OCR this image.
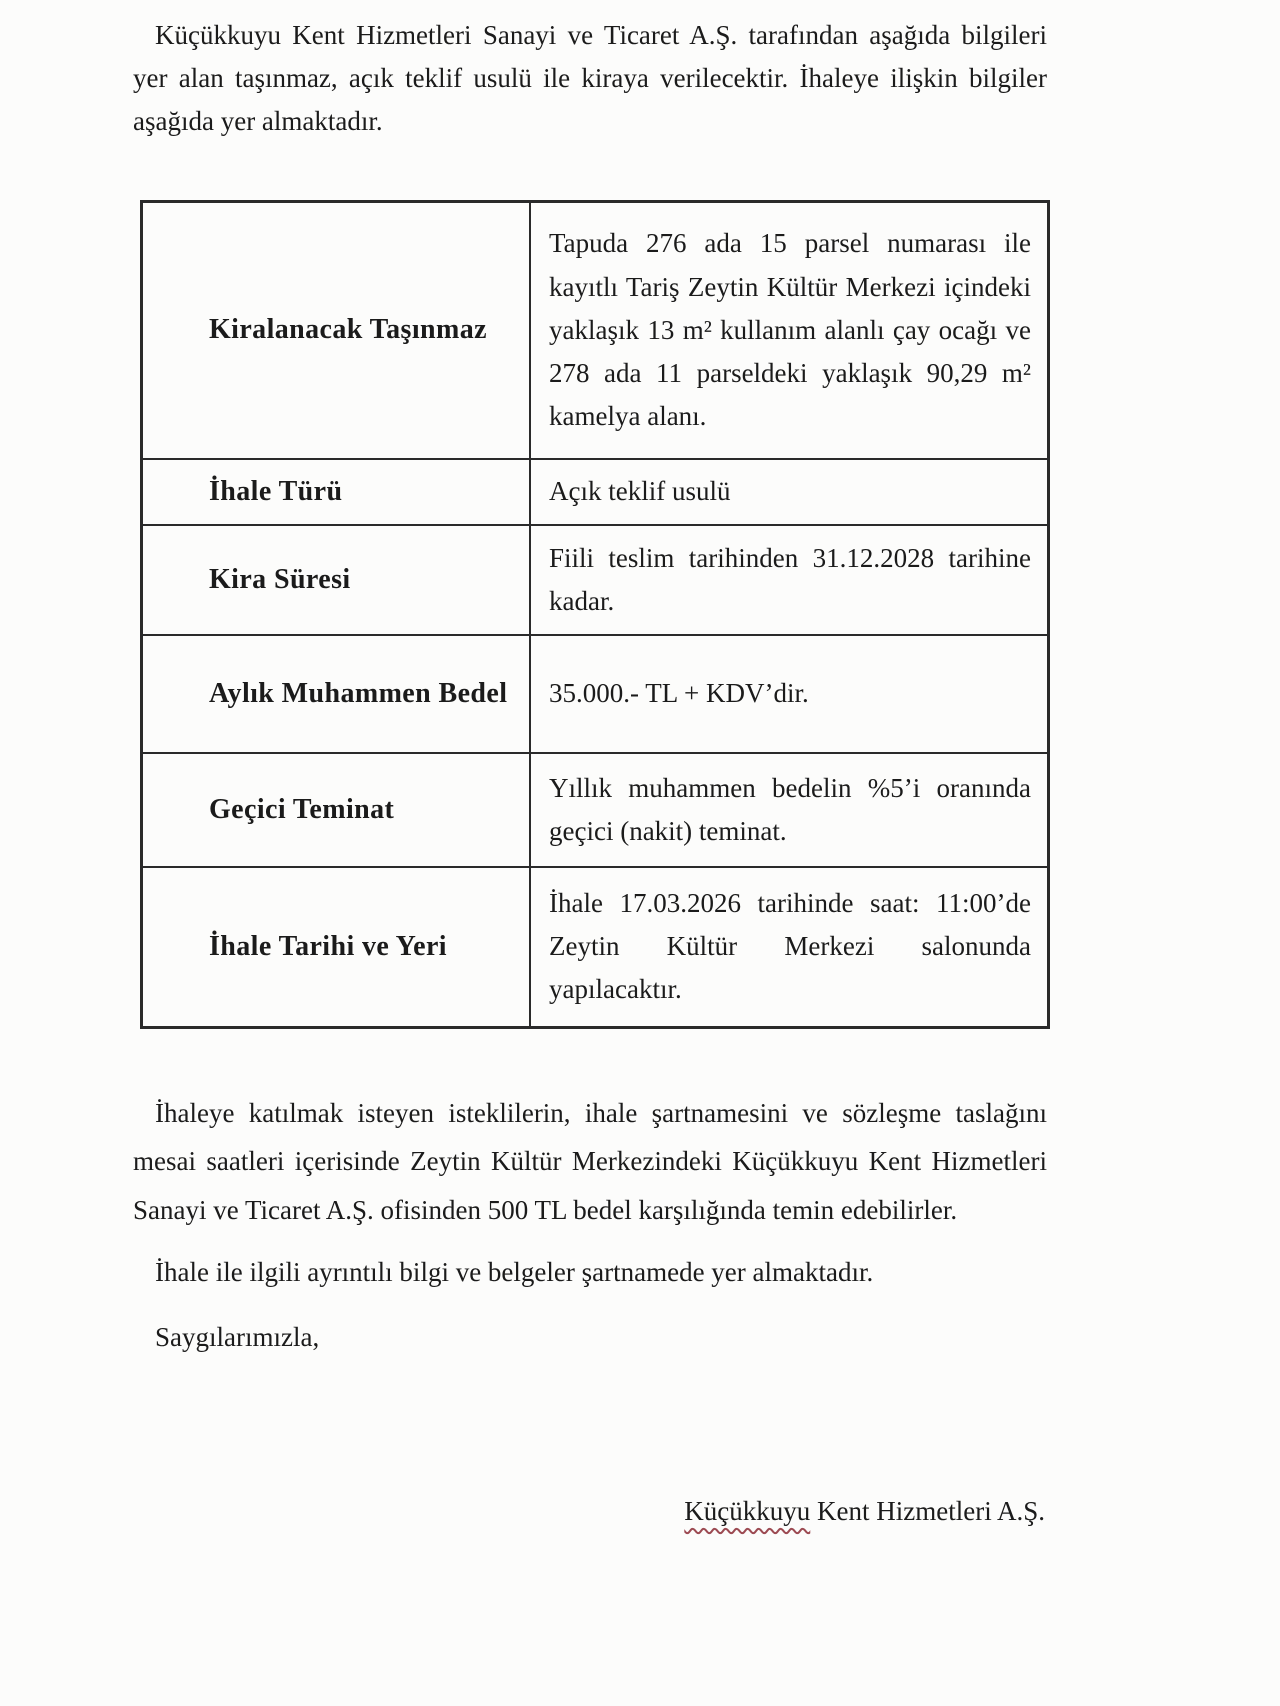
Küçükkuyu Kent Hizmetleri Sanayi ve Ticaret A.Ş. tarafından aşağıda bilgileri yer alan taşınmaz, açık teklif usulü ile kiraya verilecektir. İhaleye ilişkin bilgiler aşağıda yer almaktadır.

Kiralanacak Taşınmaz	Tapuda 276 ada 15 parsel numarası ile kayıtlı Tariş Zeytin Kültür Merkezi içindeki yaklaşık 13 m² kullanım alanlı çay ocağı ve 278 ada 11 parseldeki yaklaşık 90,29 m² kamelya alanı.
İhale Türü	Açık teklif usulü
Kira Süresi	Fiili teslim tarihinden 31.12.2028 tarihine kadar.
Aylık Muhammen Bedel	35.000.- TL + KDV’dir.
Geçici Teminat	Yıllık muhammen bedelin %5’i oranında geçici (nakit) teminat.
İhale Tarihi ve Yeri	İhale 17.03.2026 tarihinde saat: 11:00’de Zeytin Kültür Merkezi salonunda yapılacaktır.

İhaleye katılmak isteyen isteklilerin, ihale şartnamesini ve sözleşme taslağını mesai saatleri içerisinde Zeytin Kültür Merkezindeki Küçükkuyu Kent Hizmetleri Sanayi ve Ticaret A.Ş. ofisinden 500 TL bedel karşılığında temin edebilirler.

İhale ile ilgili ayrıntılı bilgi ve belgeler şartnamede yer almaktadır.

Saygılarımızla,

Küçükkuyu Kent Hizmetleri A.Ş.
